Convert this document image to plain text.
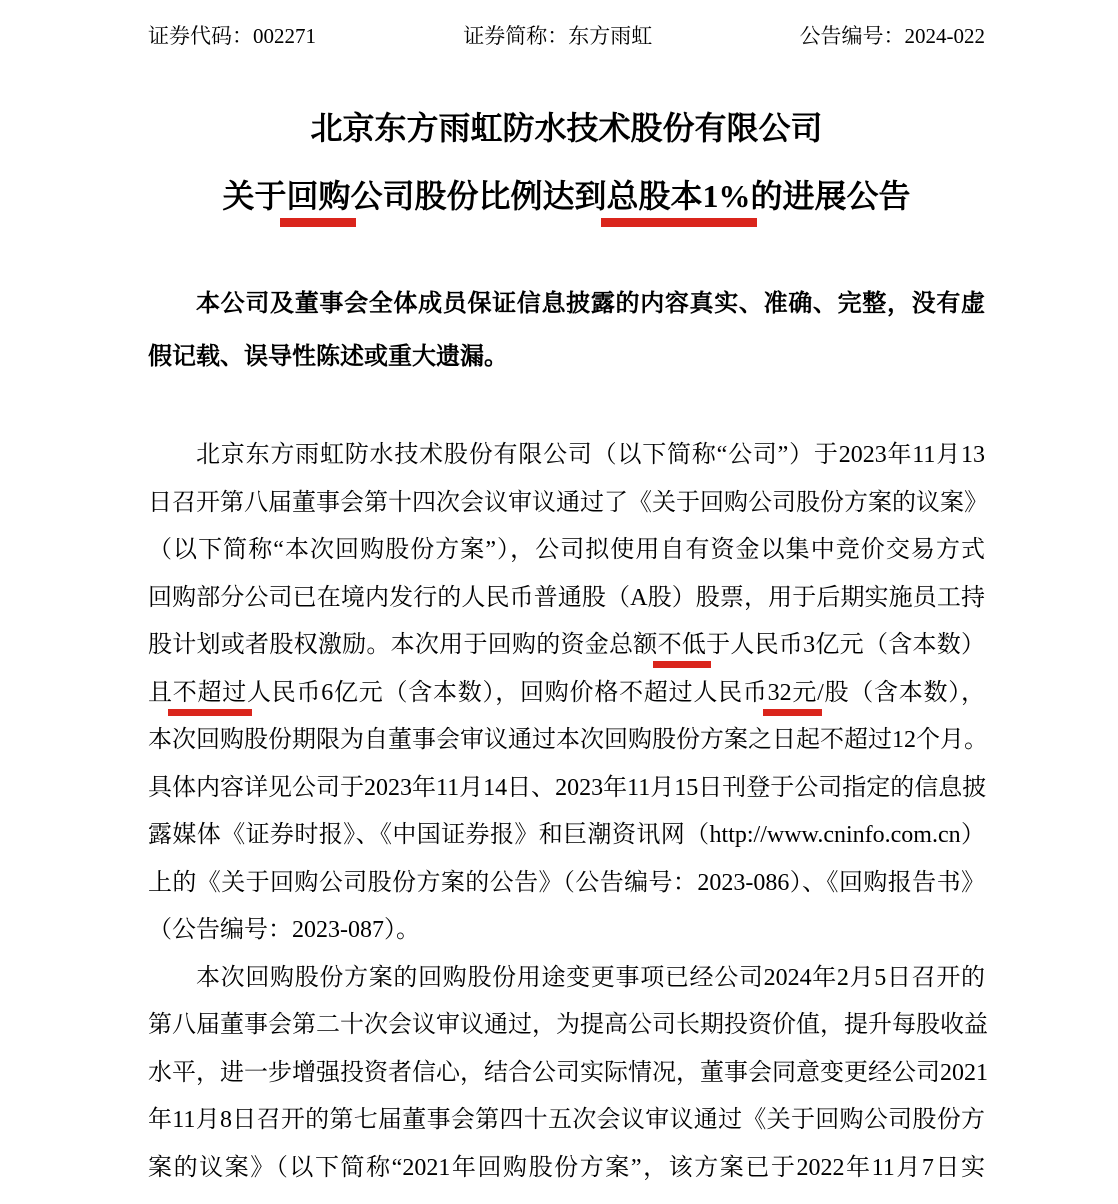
证券代码：002271	证券简称：东方雨虹	公告编号：2024-022
北京东方雨虹防水技术股份有限公司
关于回购公司股份比例达到总股本1%的进展公告
本公司及董事会全体成员保证信息披露的内容真实、准确、完整，没有虚
假记载、误导性陈述或重大遗漏。
北京东方雨虹防水技术股份有限公司（以下简称“公司”）于2023年11月13
日召开第八届董事会第十四次会议审议通过了《关于回购公司股份方案的议案》
（以下简称“本次回购股份方案”），公司拟使用自有资金以集中竞价交易方式
回购部分公司已在境内发行的人民币普通股（A股）股票，用于后期实施员工持
股计划或者股权激励。本次用于回购的资金总额不低于人民币3亿元（含本数）
且不超过人民币6亿元（含本数），回购价格不超过人民币32元/股（含本数），
本次回购股份期限为自董事会审议通过本次回购股份方案之日起不超过12个月。
具体内容详见公司于2023年11月14日、2023年11月15日刊登于公司指定的信息披
露媒体《证券时报》、《中国证券报》和巨潮资讯网（http://www.cninfo.com.cn）
上的《关于回购公司股份方案的公告》（公告编号：2023-086）、《回购报告书》
（公告编号：2023-087）。
本次回购股份方案的回购股份用途变更事项已经公司2024年2月5日召开的
第八届董事会第二十次会议审议通过，为提高公司长期投资价值，提升每股收益
水平，进一步增强投资者信心，结合公司实际情况，董事会同意变更经公司2021
年11月8日召开的第七届董事会第四十五次会议审议通过《关于回购公司股份方
案的议案》（以下简称“2021年回购股份方案”，该方案已于2022年11月7日实
